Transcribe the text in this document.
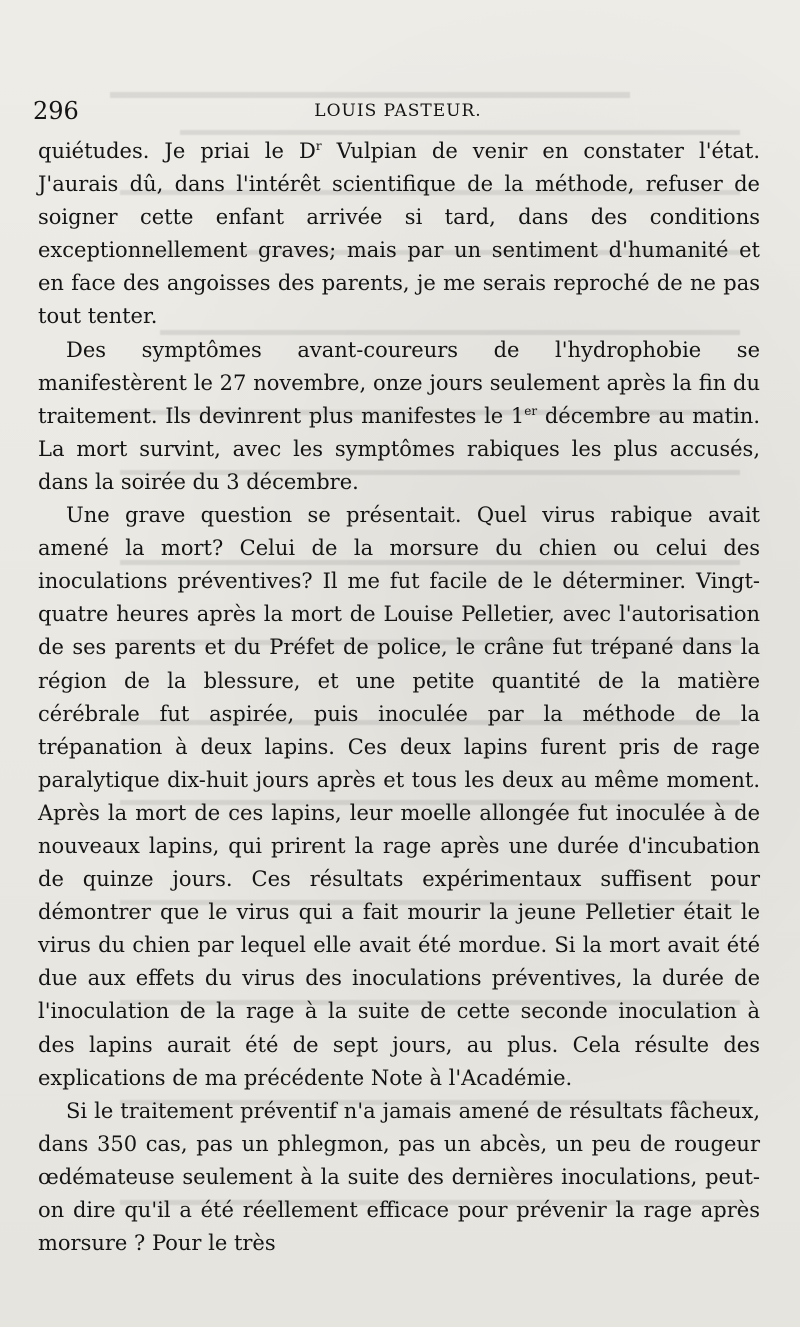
296	LOUIS PASTEUR.

quiétudes. Je priai le $D^r$ Vulpian de venir en constater l'état. J'aurais dû, dans l'intérêt scientifique de la méthode, refuser de soigner cette enfant arrivée si tard, dans des conditions exceptionnellement graves; mais par un sentiment d'humanité et en face des angoisses des parents, je me serais reproché de ne pas tout tenter.

Des symptômes avant-coureurs de l'hydrophobie se manifestèrent le 27 novembre, onze jours seulement après la fin du traitement. Ils devinrent plus manifestes le 1er décembre au matin. La mort survint, avec les symptômes rabiques les plus accusés, dans la soirée du 3 décembre.

Une grave question se présentait. Quel virus rabique avait amené la mort? Celui de la morsure du chien ou celui des inoculations préventives? Il me fut facile de le déterminer. Vingt-quatre heures après la mort de Louise Pelletier, avec l'autorisation de ses parents et du Préfet de police, le crâne fut trépané dans la région de la blessure, et une petite quantité de la matière cérébrale fut aspirée, puis inoculée par la méthode de la trépanation à deux lapins. Ces deux lapins furent pris de rage paralytique dix-huit jours après et tous les deux au même moment. Après la mort de ces lapins, leur moelle allongée fut inoculée à de nouveaux lapins, qui prirent la rage après une durée d'incubation de quinze jours. Ces résultats expérimentaux suffisent pour démontrer que le virus qui a fait mourir la jeune Pelletier était le virus du chien par lequel elle avait été mordue. Si la mort avait été due aux effets du virus des inoculations préventives, la durée de l'inoculation de la rage à la suite de cette seconde inoculation à des lapins aurait été de sept jours, au plus. Cela résulte des explications de ma précédente Note à l'Académie.

Si le traitement préventif n'a jamais amené de résultats fâcheux, dans 350 cas, pas un phlegmon, pas un abcès, un peu de rougeur œdémateuse seulement à la suite des dernières inoculations, peut-on dire qu'il a été réellement efficace pour prévenir la rage après morsure ? Pour le très
